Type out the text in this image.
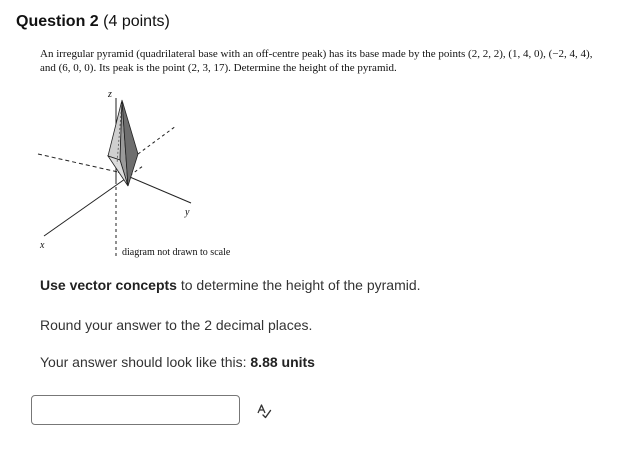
Question 2 (4 points)
An irregular pyramid (quadrilateral base with an off-centre peak) has its base made by the points (2, 2, 2), (1, 4, 0), (−2, 4, 4), and (6, 0, 0). Its peak is the point (2, 3, 17). Determine the height of the pyramid.
z
y
x
diagram not drawn to scale
Use vector concepts to determine the height of the pyramid.
Round your answer to the 2 decimal places.
Your answer should look like this: 8.88 units
